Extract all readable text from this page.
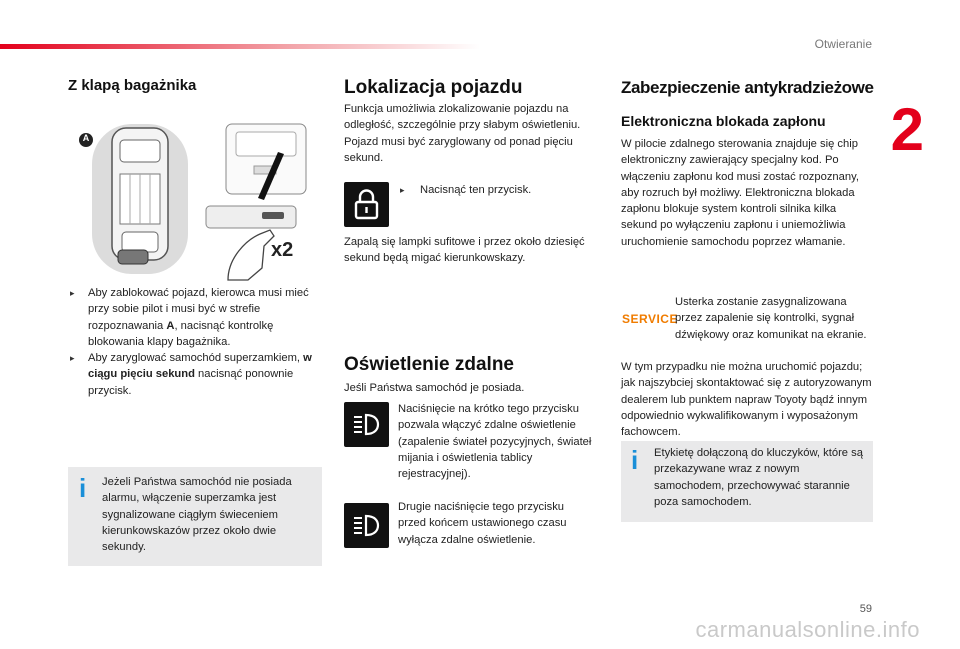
Otwieranie
2
Z klapą bagażnika
A
x2
▸	Aby zablokować pojazd, kierowca musi mieć przy sobie pilot i musi być w strefie rozpoznawania A, nacisnąć kontrolkę blokowania klapy bagażnika.
▸	Aby zaryglować samochód superzamkiem, w ciągu pięciu sekund nacisnąć ponownie przycisk.
i Jeżeli Państwa samochód nie posiada alarmu, włączenie superzamka jest sygnalizowane ciągłym świeceniem kierunkowskazów przez około dwie sekundy.
Lokalizacja pojazdu
Funkcja umożliwia zlokalizowanie pojazdu na odległość, szczególnie przy słabym oświetleniu. Pojazd musi być zaryglowany od ponad pięciu sekund.
▸ Nacisnąć ten przycisk.
Zapalą się lampki sufitowe i przez około dziesięć sekund będą migać kierunkowskazy.
Oświetlenie zdalne
Jeśli Państwa samochód je posiada.
Naciśnięcie na krótko tego przycisku pozwala włączyć zdalne oświetlenie (zapalenie świateł pozycyjnych, świateł mijania i oświetlenia tablicy rejestracyjnej).
Drugie naciśnięcie tego przycisku przed końcem ustawionego czasu wyłącza zdalne oświetlenie.
Zabezpieczenie antykradzieżowe
Elektroniczna blokada zapłonu
W pilocie zdalnego sterowania znajduje się chip elektroniczny zawierający specjalny kod. Po włączeniu zapłonu kod musi zostać rozpoznany, aby rozruch był możliwy. Elektroniczna blokada zapłonu blokuje system kontroli silnika kilka sekund po wyłączeniu zapłonu i uniemożliwia uruchomienie samochodu poprzez włamanie.
SERVICE
Usterka zostanie zasygnalizowana przez zapalenie się kontrolki, sygnał dźwiękowy oraz komunikat na ekranie.
W tym przypadku nie można uruchomić pojazdu; jak najszybciej skontaktować się z autoryzowanym dealerem lub punktem napraw Toyoty bądź innym odpowiednio wykwalifikowanym i wyposażonym fachowcem.
i Etykietę dołączoną do kluczyków, które są przekazywane wraz z nowym samochodem, przechowywać starannie poza samochodem.
59
carmanualsonline.info
